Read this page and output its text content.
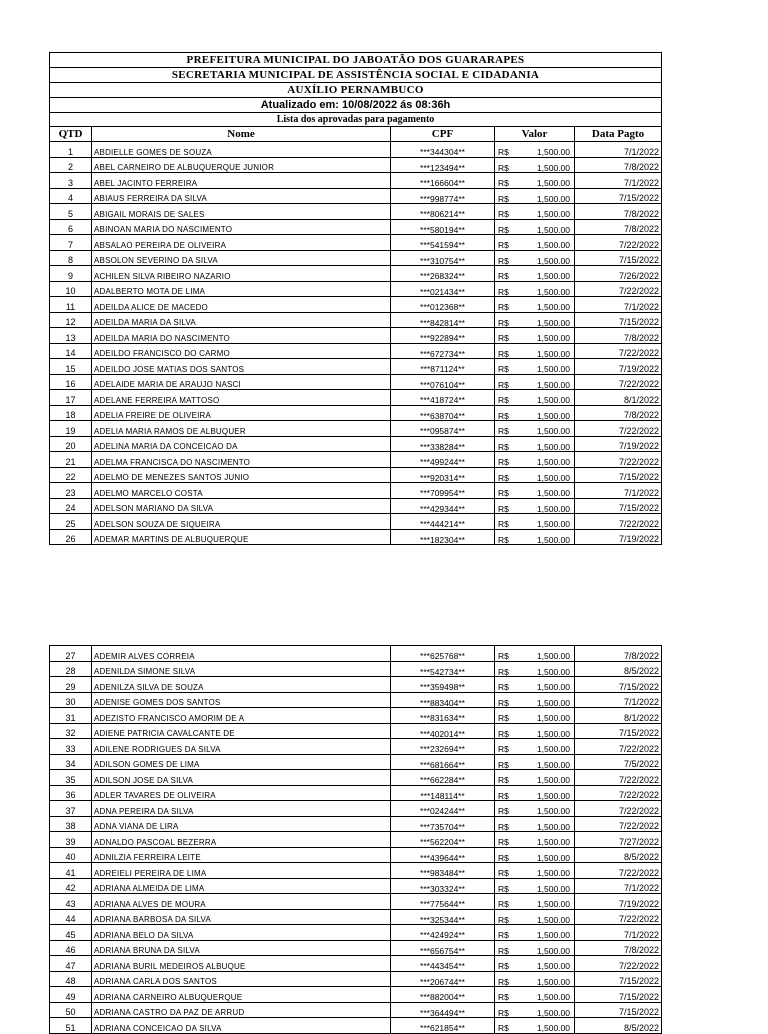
PREFEITURA MUNICIPAL DO JABOATÃO DOS GUARARAPES					
SECRETARIA MUNICIPAL DE ASSISTÊNCIA SOCIAL E CIDADANIA					
AUXÍLIO PERNAMBUCO					
Atualizado em: 10/08/2022 ás 08:36h					
Lista dos aprovadas para pagamento					
QTD	Nome	CPF	Valor		Data Pagto
1	ABDIELLE GOMES DE SOUZA	***344304**	R$	1,500.00	7/1/2022
2	ABEL CARNEIRO DE ALBUQUERQUE JUNIOR	***123494**	R$	1,500.00	7/8/2022
3	ABEL JACINTO FERREIRA	***166604**	R$	1,500.00	7/1/2022
4	ABIAUS FERREIRA DA SILVA	***998774**	R$	1,500.00	7/15/2022
5	ABIGAIL MORAIS DE SALES	***806214**	R$	1,500.00	7/8/2022
6	ABINOAN MARIA DO NASCIMENTO	***580194**	R$	1,500.00	7/8/2022
7	ABSALAO PEREIRA DE OLIVEIRA	***541594**	R$	1,500.00	7/22/2022
8	ABSOLON SEVERINO DA SILVA	***310754**	R$	1,500.00	7/15/2022
9	ACHILEN SILVA RIBEIRO NAZARIO	***268324**	R$	1,500.00	7/26/2022
10	ADALBERTO MOTA DE LIMA	***021434**	R$	1,500.00	7/22/2022
11	ADEILDA ALICE DE MACEDO	***012368**	R$	1,500.00	7/1/2022
12	ADEILDA MARIA DA SILVA	***842814**	R$	1,500.00	7/15/2022
13	ADEILDA MARIA DO NASCIMENTO	***922894**	R$	1,500.00	7/8/2022
14	ADEILDO FRANCISCO DO CARMO	***672734**	R$	1,500.00	7/22/2022
15	ADEILDO JOSE MATIAS DOS SANTOS	***871124**	R$	1,500.00	7/19/2022
16	ADELAIDE MARIA DE ARAUJO NASCI	***076104**	R$	1,500.00	7/22/2022
17	ADELANE FERREIRA MATTOSO	***418724**	R$	1,500.00	8/1/2022
18	ADELIA FREIRE DE OLIVEIRA	***638704**	R$	1,500.00	7/8/2022
19	ADELIA MARIA RAMOS DE ALBUQUER	***095874**	R$	1,500.00	7/22/2022
20	ADELINA MARIA DA CONCEICAO DA	***338284**	R$	1,500.00	7/19/2022
21	ADELMA FRANCISCA DO NASCIMENTO	***499244**	R$	1,500.00	7/22/2022
22	ADELMO DE MENEZES SANTOS JUNIO	***920314**	R$	1,500.00	7/15/2022
23	ADELMO MARCELO COSTA	***709954**	R$	1,500.00	7/1/2022
24	ADELSON MARIANO DA SILVA	***429344**	R$	1,500.00	7/15/2022
25	ADELSON SOUZA DE SIQUEIRA	***444214**	R$	1,500.00	7/22/2022
26	ADEMAR MARTINS DE ALBUQUERQUE	***182304**	R$	1,500.00	7/19/2022
27	ADEMIR ALVES CORREIA	***625768**	R$	1,500.00	7/8/2022
28	ADENILDA SIMONE SILVA	***542734**	R$	1,500.00	8/5/2022
29	ADENILZA SILVA DE SOUZA	***359498**	R$	1,500.00	7/15/2022
30	ADENISE GOMES DOS SANTOS	***883404**	R$	1,500.00	7/1/2022
31	ADEZISTO FRANCISCO AMORIM DE A	***831634**	R$	1,500.00	8/1/2022
32	ADIENE PATRICIA CAVALCANTE DE	***402014**	R$	1,500.00	7/15/2022
33	ADILENE RODRIGUES DA SILVA	***232694**	R$	1,500.00	7/22/2022
34	ADILSON GOMES DE LIMA	***681664**	R$	1,500.00	7/5/2022
35	ADILSON JOSE DA SILVA	***662284**	R$	1,500.00	7/22/2022
36	ADLER TAVARES DE OLIVEIRA	***148114**	R$	1,500.00	7/22/2022
37	ADNA PEREIRA DA SILVA	***024244**	R$	1,500.00	7/22/2022
38	ADNA VIANA DE LIRA	***735704**	R$	1,500.00	7/22/2022
39	ADNALDO PASCOAL BEZERRA	***562204**	R$	1,500.00	7/27/2022
40	ADNILZIA FERREIRA LEITE	***439644**	R$	1,500.00	8/5/2022
41	ADREIELI PEREIRA DE LIMA	***983484**	R$	1,500.00	7/22/2022
42	ADRIANA ALMEIDA DE LIMA	***303324**	R$	1,500.00	7/1/2022
43	ADRIANA ALVES DE MOURA	***775644**	R$	1,500.00	7/19/2022
44	ADRIANA BARBOSA DA SILVA	***325344**	R$	1,500.00	7/22/2022
45	ADRIANA BELO DA SILVA	***424924**	R$	1,500.00	7/1/2022
46	ADRIANA BRUNA DA SILVA	***656754**	R$	1,500.00	7/8/2022
47	ADRIANA BURIL MEDEIROS ALBUQUE	***443454**	R$	1,500.00	7/22/2022
48	ADRIANA CARLA DOS SANTOS	***206744**	R$	1,500.00	7/15/2022
49	ADRIANA CARNEIRO ALBUQUERQUE	***882004**	R$	1,500.00	7/15/2022
50	ADRIANA CASTRO DA PAZ DE ARRUD	***364494**	R$	1,500.00	7/15/2022
51	ADRIANA CONCEICAO DA SILVA	***621854**	R$	1,500.00	8/5/2022
